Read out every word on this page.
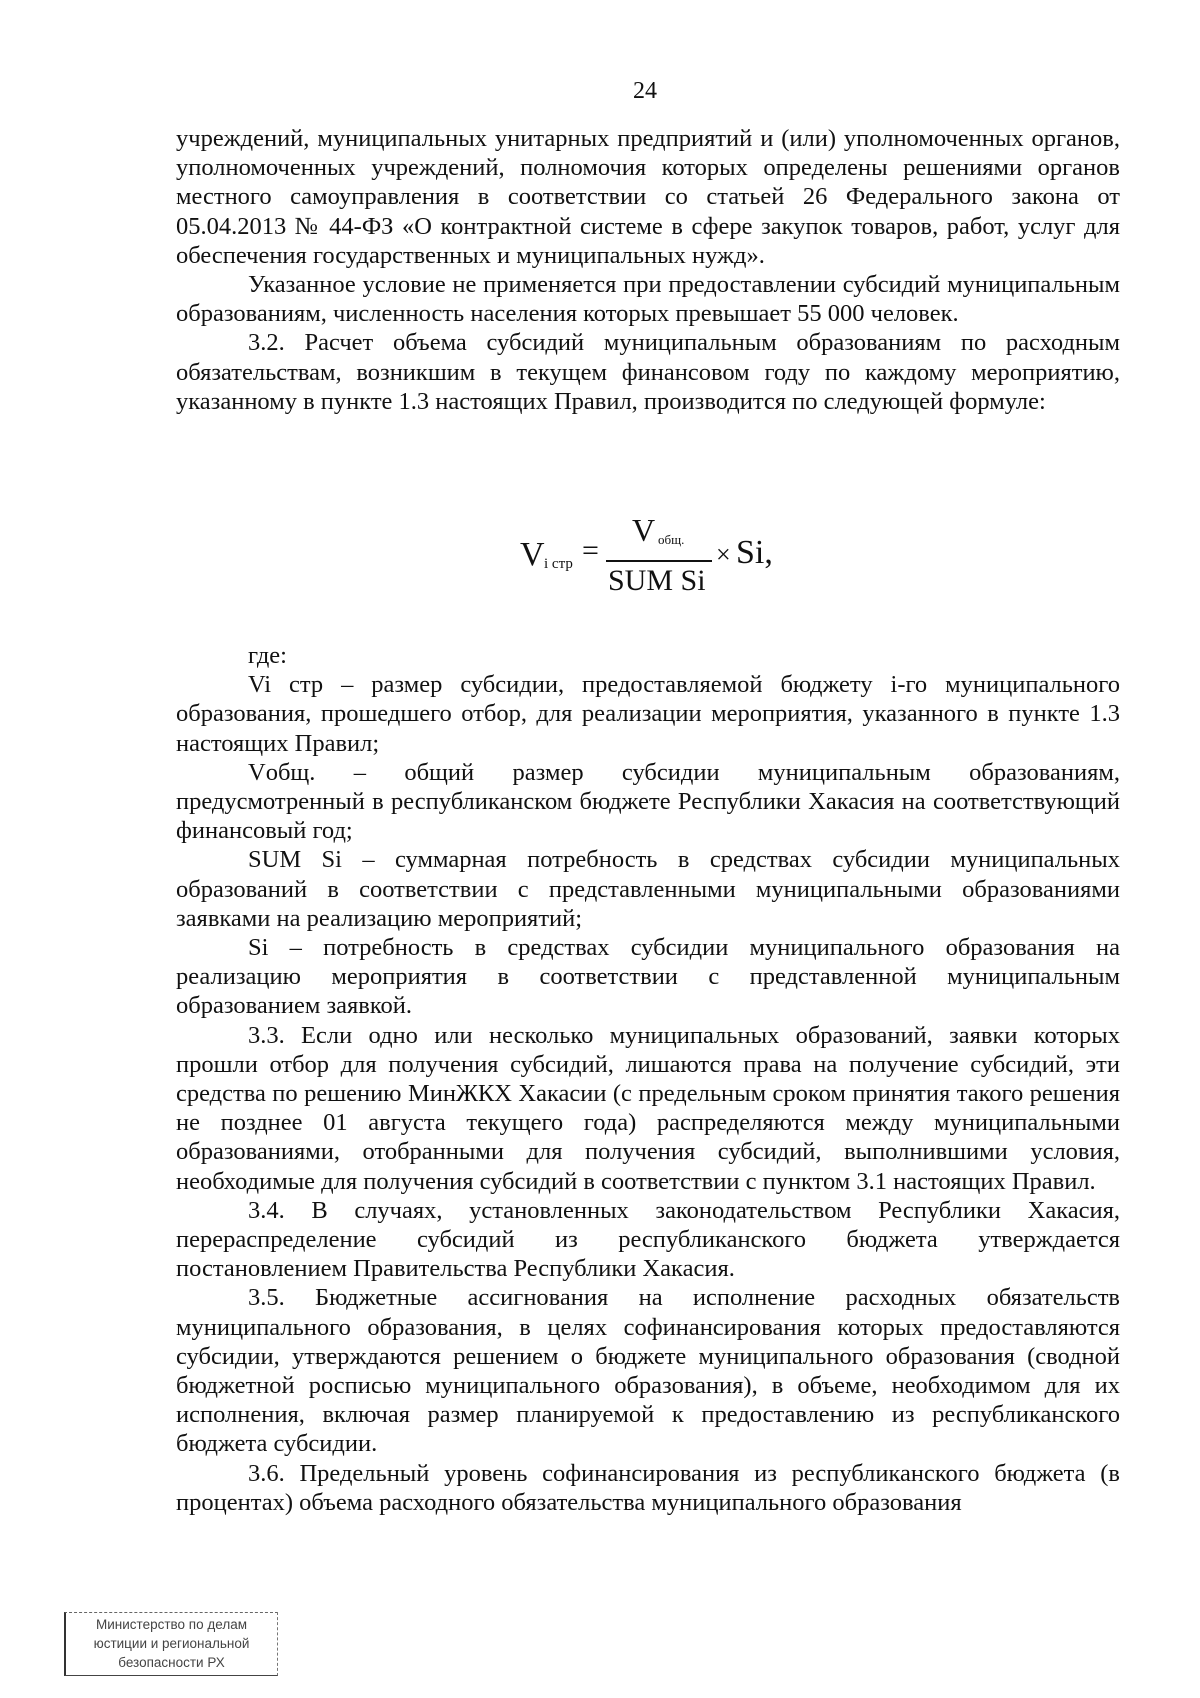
24

учреждений, муниципальных унитарных предприятий и (или) уполномоченных органов, уполномоченных учреждений, полномочия которых определены решениями органов местного самоуправления в соответствии со статьей 26 Федерального закона от 05.04.2013 № 44-ФЗ «О контрактной системе в сфере закупок товаров, работ, услуг для обеспечения государственных и муниципальных нужд».

Указанное условие не применяется при предоставлении субсидий муниципальным образованиям, численность населения которых превышает 55 000 человек.

3.2. Расчет объема субсидий муниципальным образованиям по расходным обязательствам, возникшим в текущем финансовом году по каждому мероприятию, указанному в пункте 1.3 настоящих Правил, производится по следующей формуле:

V i стр =
V общ.
SUM Si
× Si,

где:

Vi стр – размер субсидии, предоставляемой бюджету i-го муниципального образования, прошедшего отбор, для реализации мероприятия, указанного в пункте 1.3 настоящих Правил;

Vобщ. – общий размер субсидии муниципальным образованиям, предусмотренный в республиканском бюджете Республики Хакасия на соответствующий финансовый год;

SUM Si – суммарная потребность в средствах субсидии муниципальных образований в соответствии с представленными муниципальными образованиями заявками на реализацию мероприятий;

Si – потребность в средствах субсидии муниципального образования на реализацию мероприятия в соответствии с представленной муниципальным образованием заявкой.

3.3. Если одно или несколько муниципальных образований, заявки которых прошли отбор для получения субсидий, лишаются права на получение субсидий, эти средства по решению МинЖКХ Хакасии (с предельным сроком принятия такого решения не позднее 01 августа текущего года) распределяются между муниципальными образованиями, отобранными для получения субсидий, выполнившими условия, необходимые для получения субсидий в соответствии с пунктом 3.1 настоящих Правил.

3.4. В случаях, установленных законодательством Республики Хакасия, перераспределение субсидий из республиканского бюджета утверждается постановлением Правительства Республики Хакасия.

3.5. Бюджетные ассигнования на исполнение расходных обязательств муниципального образования, в целях софинансирования которых предоставляются субсидии, утверждаются решением о бюджете муниципального образования (сводной бюджетной росписью муниципального образования), в объеме, необходимом для их исполнения, включая размер планируемой к предоставлению из республиканского бюджета субсидии.

3.6. Предельный уровень софинансирования из республиканского бюджета (в процентах) объема расходного обязательства муниципального образования

Министерство по делам
юстиции и региональной
безопасности РХ
